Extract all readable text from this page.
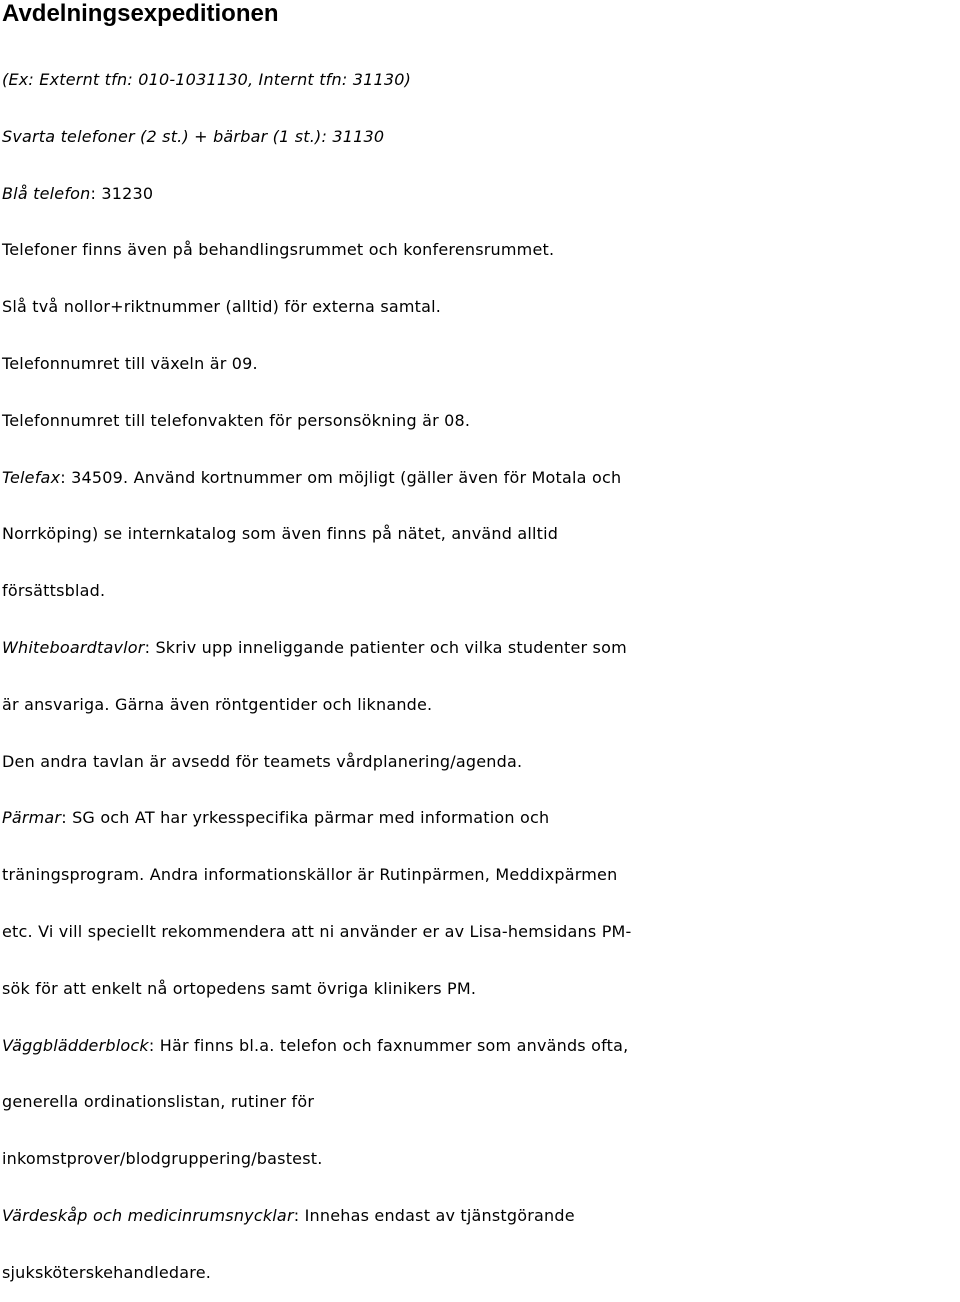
Avdelningsexpeditionen
(Ex: Externt tfn: 010-1031130, Internt tfn: 31130)
Svarta telefoner (2 st.) + bärbar (1 st.): 31130
Blå telefon: 31230
Telefoner finns även på behandlingsrummet och konferensrummet.
Slå två nollor+riktnummer (alltid) för externa samtal.
Telefonnumret till växeln är 09.
Telefonnumret till telefonvakten för personsökning är 08.
Telefax: 34509. Använd kortnummer om möjligt (gäller även för Motala och
Norrköping) se internkatalog som även finns på nätet, använd alltid
försättsblad.
Whiteboardtavlor: Skriv upp inneliggande patienter och vilka studenter som
är ansvariga. Gärna även röntgentider och liknande.
Den andra tavlan är avsedd för teamets vårdplanering/agenda.
Pärmar: SG och AT har yrkesspecifika pärmar med information och
träningsprogram. Andra informationskällor är Rutinpärmen, Meddixpärmen
etc. Vi vill speciellt rekommendera att ni använder er av Lisa-hemsidans PM-
sök för att enkelt nå ortopedens samt övriga klinikers PM.
Väggblädderblock: Här finns bl.a. telefon och faxnummer som används ofta,
generella ordinationslistan, rutiner för
inkomstprover/blodgruppering/bastest.
Värdeskåp och medicinrumsnycklar: Innehas endast av tjänstgörande
sjuksköterskehandledare.
